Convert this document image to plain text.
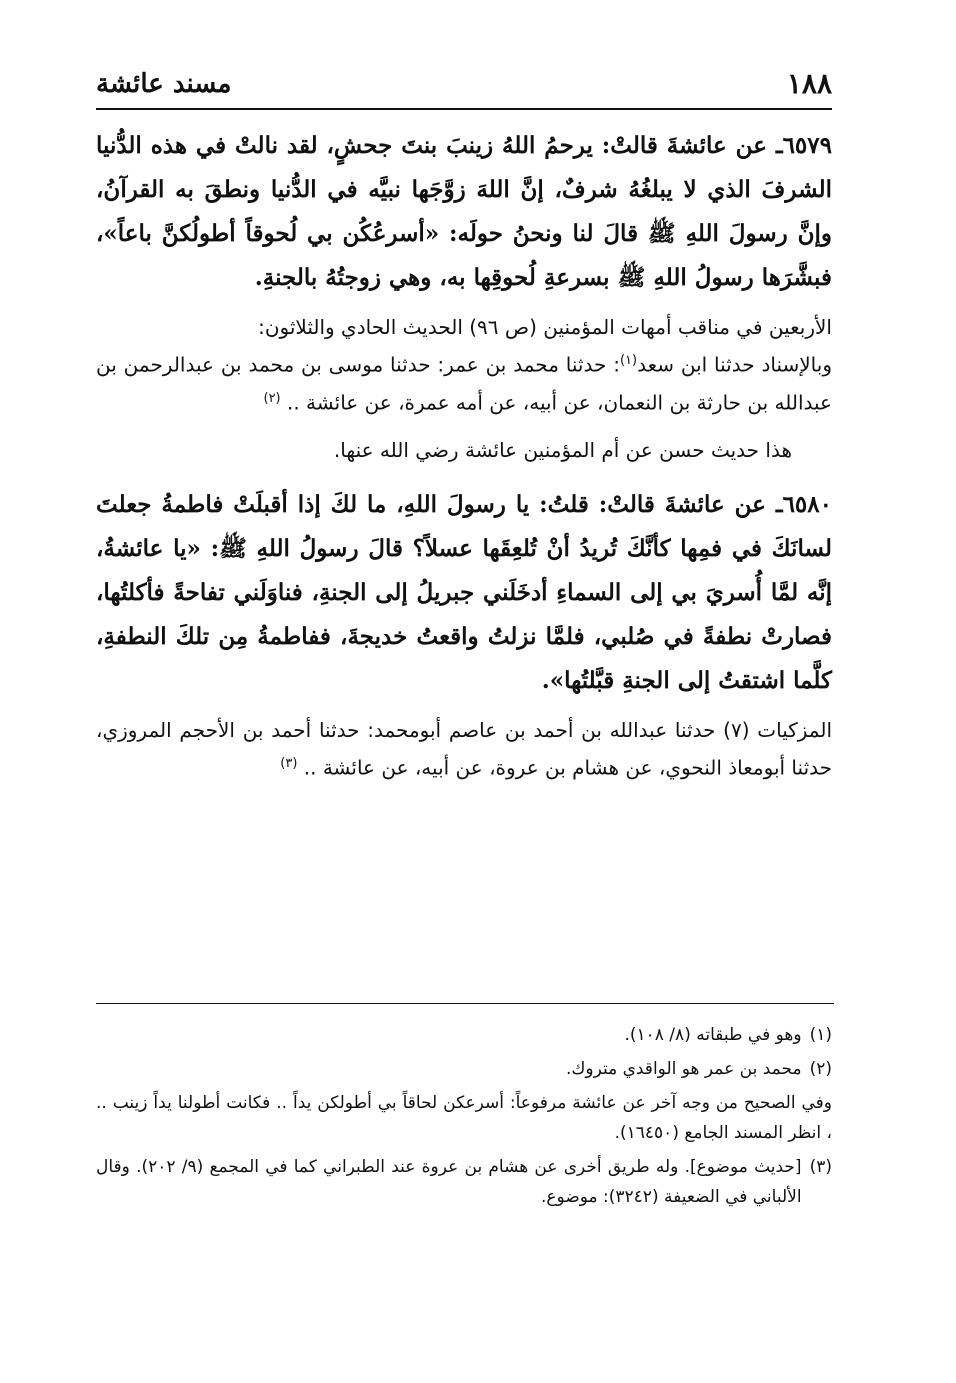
١٨٨
مسند عائشة

٦٥٧٩ـ عن عائشةَ قالتْ: يرحمُ اللهُ زينبَ بنتَ جحشٍ، لقد نالتْ في هذه الدُّنيا الشرفَ الذي لا يبلغُهُ شرفٌ، إنَّ اللهَ زوَّجَها نبيَّه في الدُّنيا ونطقَ به القرآنُ، وإنَّ رسولَ اللهِ ﷺ قالَ لنا ونحنُ حولَه: «أسرعُكُن بي لُحوقاً أطولُكنَّ باعاً»، فبشَّرَها رسولُ اللهِ ﷺ بسرعةِ لُحوقِها به، وهي زوجتُهُ بالجنةِ.

الأربعين في مناقب أمهات المؤمنين (ص ٩٦) الحديث الحادي والثلاثون:
وبالإسناد حدثنا ابن سعد$^{(١)}$: حدثنا محمد بن عمر: حدثنا موسى بن محمد بن عبدالرحمن بن عبدالله بن حارثة بن النعمان، عن أبيه، عن أمه عمرة، عن عائشة .. $^{(٢)}$

هذا حديث حسن عن أم المؤمنين عائشة رضي الله عنها.

٦٥٨٠ـ عن عائشةَ قالتْ: قلتُ: يا رسولَ اللهِ، ما لكَ إذا أقبلَتْ فاطمةُ جعلتَ لسانَكَ في فمِها كأنَّكَ تُريدُ أنْ تُلعِقَها عسلاً؟ قالَ رسولُ اللهِ ﷺ: «يا عائشةُ، إنَّه لمَّا أُسريَ بي إلى السماءِ أدخَلَني جبريلُ إلى الجنةِ، فناوَلَني تفاحةً فأكلتُها، فصارتْ نطفةً في صُلبي، فلمَّا نزلتُ واقعتُ خديجةَ، ففاطمةُ مِن تلكَ النطفةِ، كلَّما اشتقتُ إلى الجنةِ قبَّلتُها».

المزكيات (٧) حدثنا عبدالله بن أحمد بن عاصم أبومحمد: حدثنا أحمد بن الأحجم المروزي، حدثنا أبومعاذ النحوي، عن هشام بن عروة، عن أبيه، عن عائشة .. $^{(٣)}$

(١)
وهو في طبقاته (٨/ ١٠٨).
(٢)
محمد بن عمر هو الواقدي متروك.
وفي الصحيح من وجه آخر عن عائشة مرفوعاً: أسرعكن لحاقاً بي أطولكن يداً .. فكانت أطولنا يداً زينب .. ، انظر المسند الجامع (١٦٤٥٠).
(٣)
[حديث موضوع]. وله طريق أخرى عن هشام بن عروة عند الطبراني كما في المجمع (٩/ ٢٠٢). وقال الألباني في الضعيفة (٣٢٤٢): موضوع.
